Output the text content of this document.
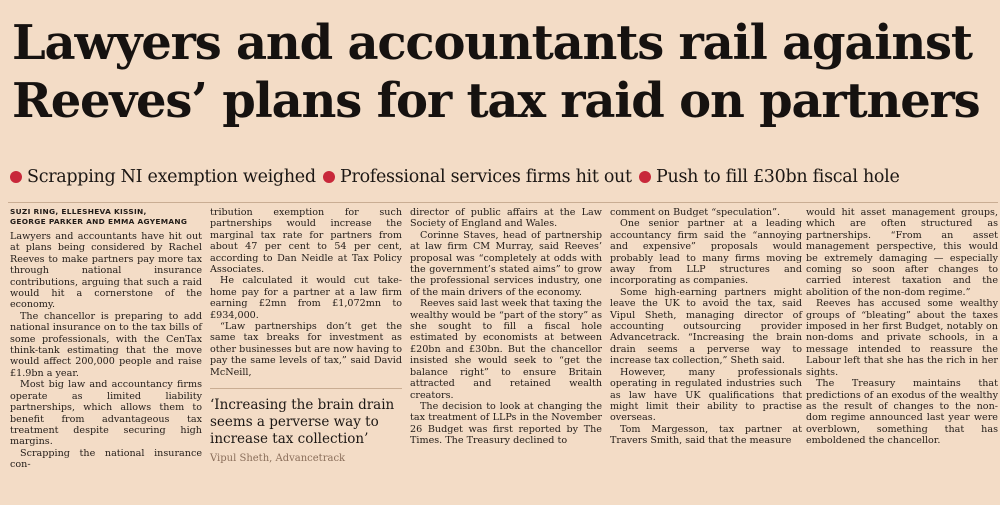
Lawyers and accountants rail against
Reeves’ plans for tax raid on partners
Scrapping NI exemption weighed Professional services firms hit out Push to fill £30bn fiscal hole
SUZI RING, ELLESHEVA KISSIN,
GEORGE PARKER AND EMMA AGYEMANG

Lawyers and accountants have hit out at plans being considered by Rachel Reeves to make partners pay more tax through national insurance contributions, arguing that such a raid would hit a cornerstone of the economy.

The chancellor is preparing to add national insurance on to the tax bills of some professionals, with the CenTax think-tank estimating that the move would affect 200,000 people and raise £1.9bn a year.

Most big law and accountancy firms operate as limited liability partnerships, which allows them to benefit from advantageous tax treatment despite securing high margins.

Scrapping the national insurance con-

tribution exemption for such partnerships would increase the marginal tax rate for partners from about 47 per cent to 54 per cent, according to Dan Neidle at Tax Policy Associates.

He calculated it would cut take-home pay for a partner at a law firm earning £2mn from £1,072mn to £934,000.

“Law partnerships don’t get the same tax breaks for investment as other businesses but are now having to pay the same levels of tax,” said David McNeill,

‘Increasing the brain drain seems a perverse way to increase tax collection’
Vipul Sheth, Advancetrack

director of public affairs at the Law Society of England and Wales.

Corinne Staves, head of partnership at law firm CM Murray, said Reeves’ proposal was “completely at odds with the government’s stated aims” to grow the professional services industry, one of the main drivers of the economy.

Reeves said last week that taxing the wealthy would be “part of the story” as she sought to fill a fiscal hole estimated by economists at between £20bn and £30bn. But the chancellor insisted she would seek to “get the balance right” to ensure Britain attracted and retained wealth creators.

The decision to look at changing the tax treatment of LLPs in the November 26 Budget was first reported by The Times. The Treasury declined to

comment on Budget “speculation”.

One senior partner at a leading accountancy firm said the “annoying and expensive” proposals would probably lead to many firms moving away from LLP structures and incorporating as companies.

Some high-earning partners might leave the UK to avoid the tax, said Vipul Sheth, managing director of accounting outsourcing provider Advancetrack. “Increasing the brain drain seems a perverse way to increase tax collection,” Sheth said.

However, many professionals operating in regulated industries such as law have UK qualifications that might limit their ability to practise overseas.

Tom Margesson, tax partner at Travers Smith, said that the measure

would hit asset management groups, which are often structured as partnerships. “From an asset management perspective, this would be extremely damaging — especially coming so soon after changes to carried interest taxation and the abolition of the non-dom regime.”

Reeves has accused some wealthy groups of “bleating” about the taxes imposed in her first Budget, notably on non-doms and private schools, in a message intended to reassure the Labour left that she has the rich in her sights.

The Treasury maintains that predictions of an exodus of the wealthy as the result of changes to the non-dom regime announced last year were overblown, something that has emboldened the chancellor.
